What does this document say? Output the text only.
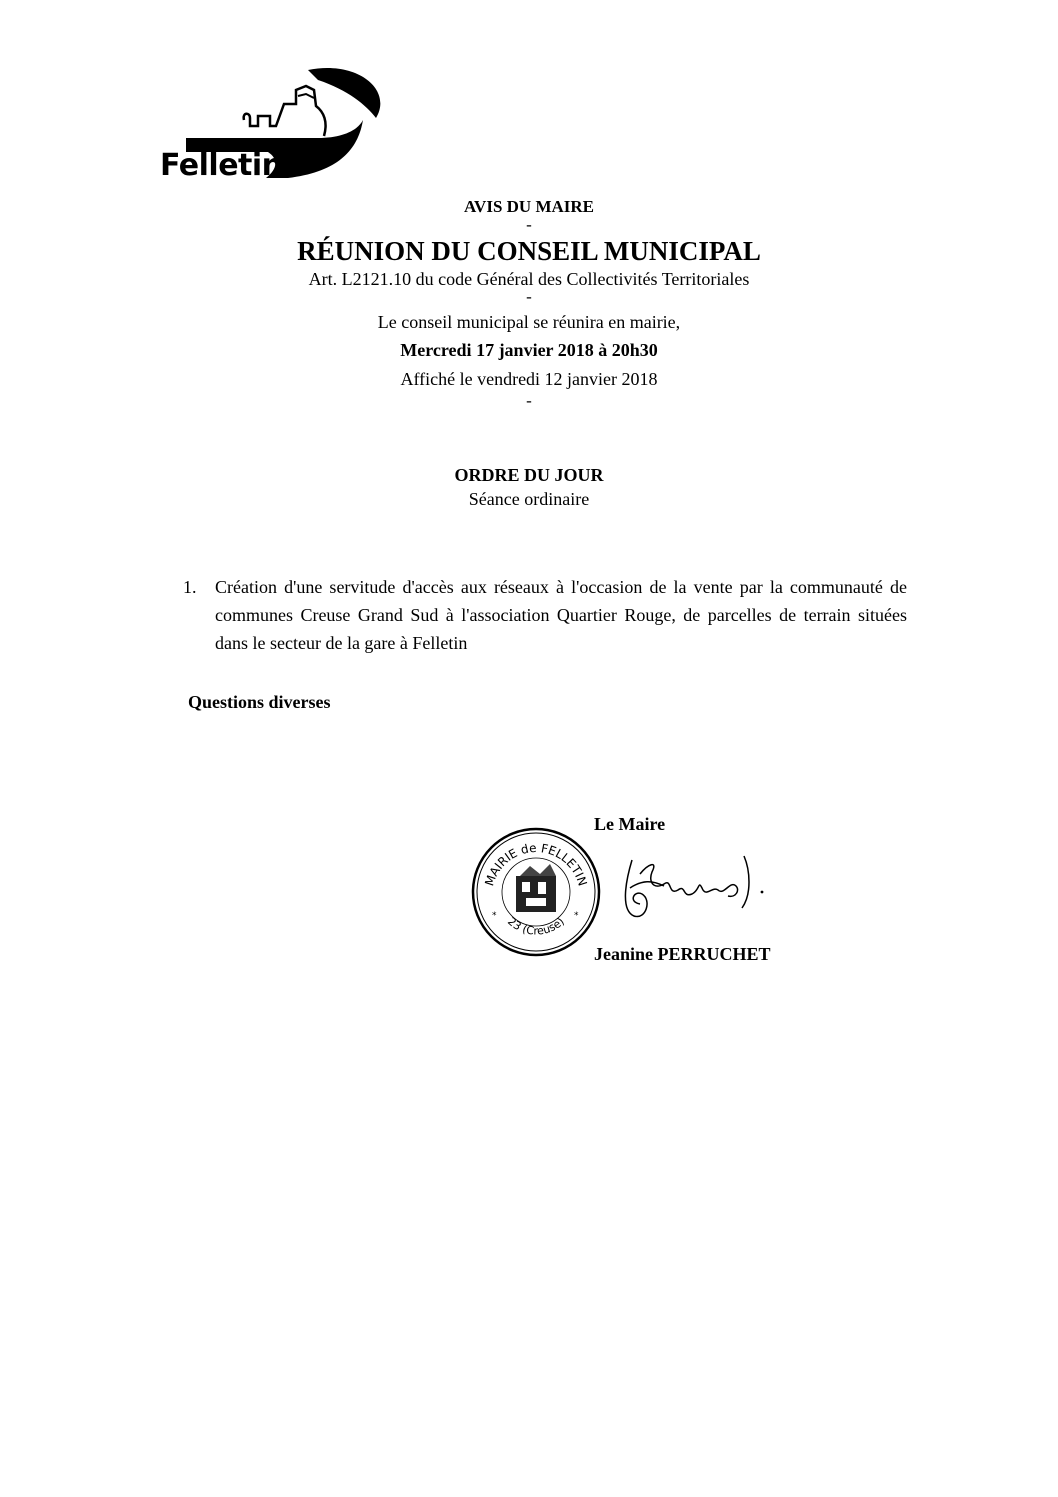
Felletin
AVIS DU MAIRE
-
RÉUNION DU CONSEIL MUNICIPAL
Art. L2121.10 du code Général des Collectivités Territoriales
-
Le conseil municipal se réunira en mairie,
Mercredi 17 janvier 2018 à 20h30
Affiché le vendredi 12 janvier 2018
-
ORDRE DU JOUR
Séance ordinaire
1.	Création d'une servitude d'accès aux réseaux à l'occasion de la vente par la communauté de communes Creuse Grand Sud à l'association Quartier Rouge, de parcelles de terrain situées dans le secteur de la gare à Felletin
Questions diverses
Le Maire
MAIRIE de FELLETIN
23 (Creuse)
*	*
Jeanine PERRUCHET
